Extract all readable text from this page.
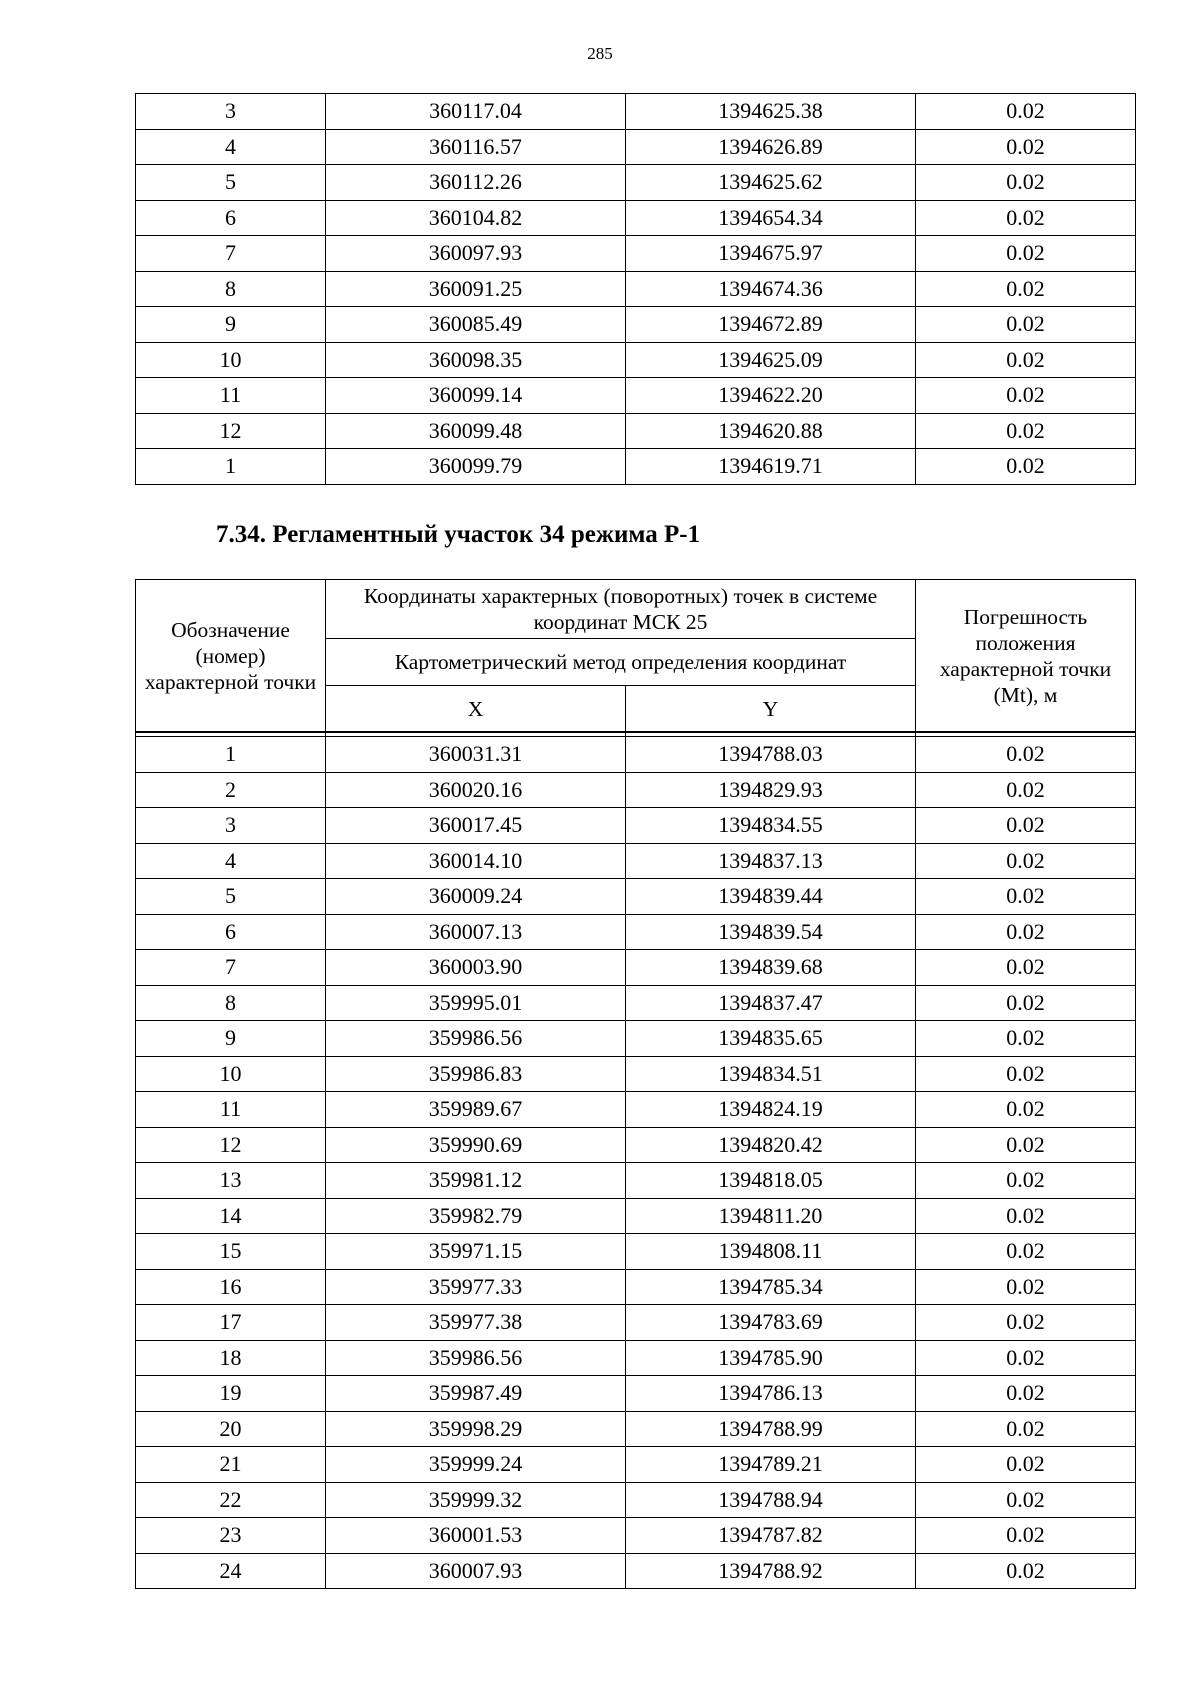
285
3	360117.04	1394625.38	0.02
4	360116.57	1394626.89	0.02
5	360112.26	1394625.62	0.02
6	360104.82	1394654.34	0.02
7	360097.93	1394675.97	0.02
8	360091.25	1394674.36	0.02
9	360085.49	1394672.89	0.02
10	360098.35	1394625.09	0.02
11	360099.14	1394622.20	0.02
12	360099.48	1394620.88	0.02
1	360099.79	1394619.71	0.02
7.34. Регламентный участок 34 режима Р-1
Обозначение (номер) характерной точки	Координаты характерных (поворотных) точек в системе координат МСК 25		Погрешность положения характерной точки (Mt), м
	Картометрический метод определения координат		
	X	Y	

1	360031.31	1394788.03	0.02
2	360020.16	1394829.93	0.02
3	360017.45	1394834.55	0.02
4	360014.10	1394837.13	0.02
5	360009.24	1394839.44	0.02
6	360007.13	1394839.54	0.02
7	360003.90	1394839.68	0.02
8	359995.01	1394837.47	0.02
9	359986.56	1394835.65	0.02
10	359986.83	1394834.51	0.02
11	359989.67	1394824.19	0.02
12	359990.69	1394820.42	0.02
13	359981.12	1394818.05	0.02
14	359982.79	1394811.20	0.02
15	359971.15	1394808.11	0.02
16	359977.33	1394785.34	0.02
17	359977.38	1394783.69	0.02
18	359986.56	1394785.90	0.02
19	359987.49	1394786.13	0.02
20	359998.29	1394788.99	0.02
21	359999.24	1394789.21	0.02
22	359999.32	1394788.94	0.02
23	360001.53	1394787.82	0.02
24	360007.93	1394788.92	0.02
